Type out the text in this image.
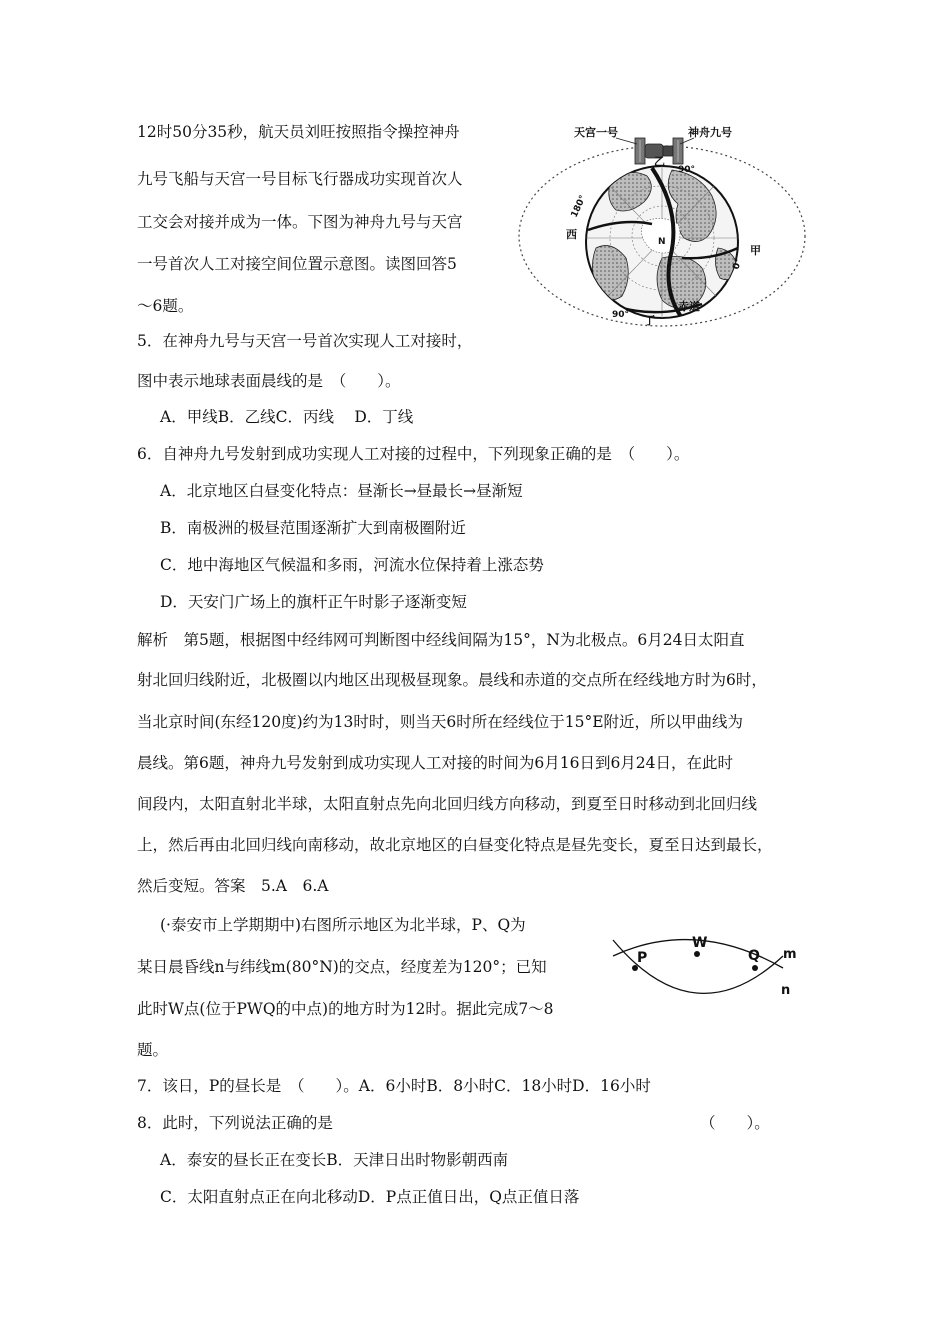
12时50分35秒，航天员刘旺按照指令操控神舟
九号飞船与天宫一号目标飞行器成功实现首次人
工交会对接并成为一体。下图为神舟九号与天宫
一号首次人工对接空间位置示意图。读图回答5
～6题。
天宫一号	神舟九号
乙
90°
西
180°
N
甲
0°
90° 丁
赤道
5．在神舟九号与天宫一号首次实现人工对接时，
图中表示地球表面晨线的是　（　　）。
A．甲线B．乙线C．丙线　 D．丁线
6．自神舟九号发射到成功实现人工对接的过程中，下列现象正确的是　（　　）。
A．北京地区白昼变化特点：昼渐长→昼最长→昼渐短
B．南极洲的极昼范围逐渐扩大到南极圈附近
C．地中海地区气候温和多雨，河流水位保持着上涨态势
D．天安门广场上的旗杆正午时影子逐渐变短
解析　第5题，根据图中经纬网可判断图中经线间隔为15°，N为北极点。6月24日太阳直
射北回归线附近，北极圈以内地区出现极昼现象。晨线和赤道的交点所在经线地方时为6时，
当北京时间(东经120度)约为13时时，则当天6时所在经线位于15°E附近，所以甲曲线为
晨线。第6题，神舟九号发射到成功实现人工对接的时间为6月16日到6月24日，在此时
间段内，太阳直射北半球，太阳直射点先向北回归线方向移动，到夏至日时移动到北回归线
上，然后再由北回归线向南移动，故北京地区的白昼变化特点是昼先变长，夏至日达到最长，
然后变短。答案　5.A　6.A
(·泰安市上学期期中)右图所示地区为北半球，P、Q为
某日晨昏线n与纬线m(80°N)的交点，经度差为120°；已知
此时W点(位于PWQ的中点)的地方时为12时。据此完成7～8
题。
P
W
Q m
n
7．该日，P的昼长是　（　　）。A．6小时B．8小时C．18小时D．16小时
8．此时，下列说法正确的是	（　　）。
A．泰安的昼长正在变长B．天津日出时物影朝西南
C．太阳直射点正在向北移动D．P点正值日出，Q点正值日落
